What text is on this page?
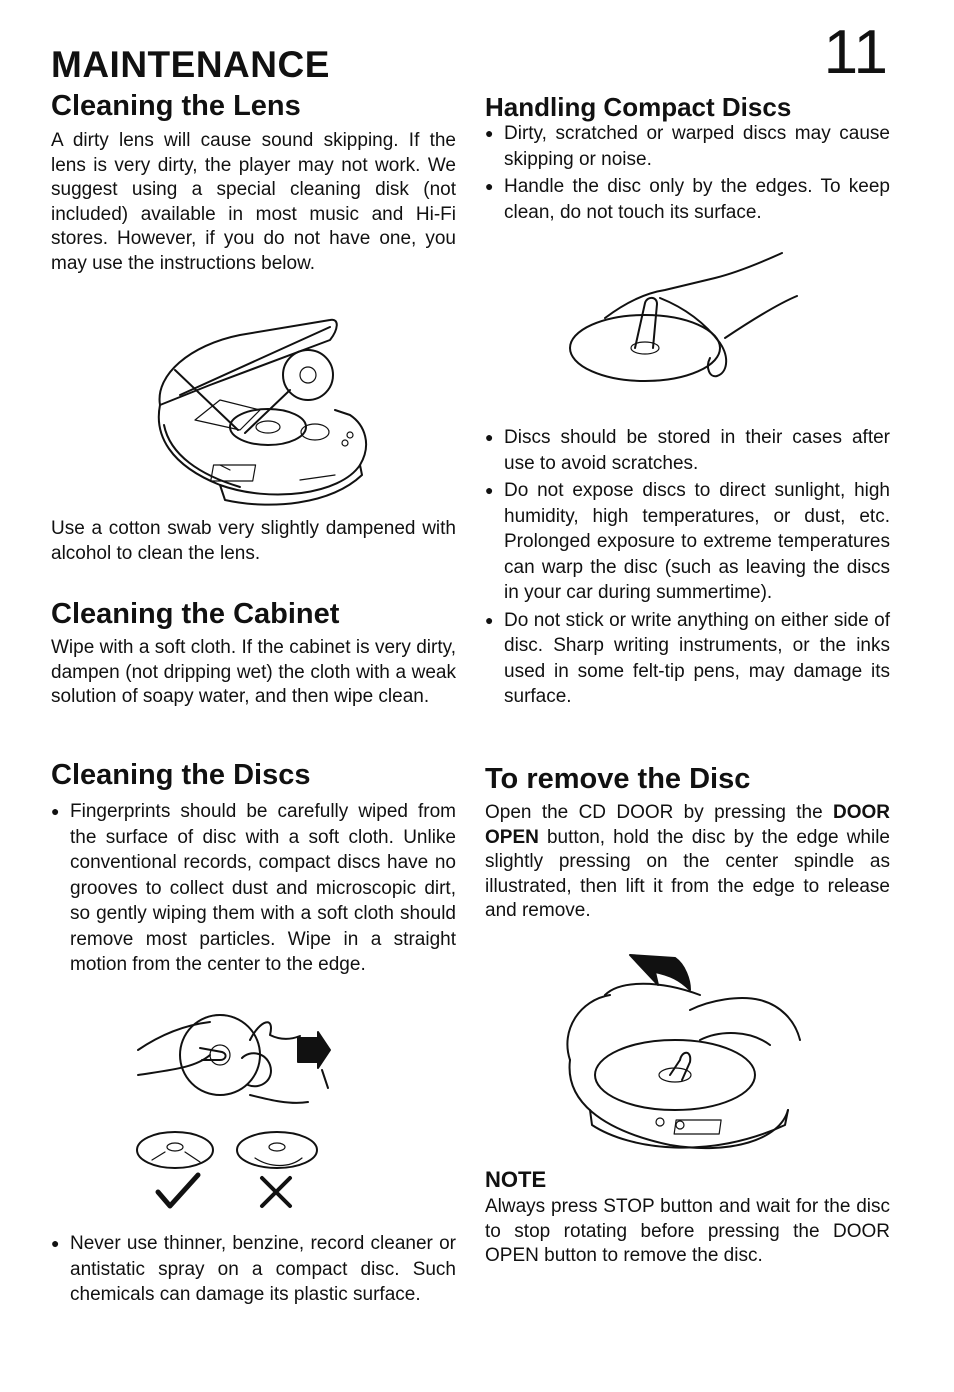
11
MAINTENANCE
Cleaning the Lens

A dirty lens will cause sound skipping. If the lens is very dirty, the player may not work. We suggest using a special cleaning disk (not included) available in most music and Hi-Fi stores. However, if you do not have one, you may use the instructions below.

Use a cotton swab very slightly dampened with alcohol to clean the lens.

Cleaning the Cabinet

Wipe with a soft cloth. If the cabinet is very dirty, dampen (not dripping wet) the cloth with a weak solution of soapy water, and then wipe clean.

Cleaning the Discs
● Fingerprints should be carefully wiped from the surface of disc with a soft cloth. Unlike conventional records, compact discs have no grooves to collect dust and microscopic dirt, so gently wiping them with a soft cloth should remove most particles. Wipe in a straight motion from the center to the edge.
● Never use thinner, benzine, record cleaner or antistatic spray on a compact disc. Such chemicals can damage its plastic surface.
Handling Compact Discs
● Dirty, scratched or warped discs may cause skipping or noise.
● Handle the disc only by the edges. To keep clean, do not touch its surface.
● Discs should be stored in their cases after use to avoid scratches.
● Do not expose discs to direct sunlight, high humidity, high temperatures, or dust, etc. Prolonged exposure to extreme temperatures can warp the disc (such as leaving the discs in your car during summertime).
● Do not stick or write anything on either side of disc. Sharp writing instruments, or the inks used in some felt-tip pens, may damage its surface.
To remove the Disc

Open the CD DOOR by pressing the DOOR OPEN button, hold the disc by the edge while slightly pressing on the center spindle as illustrated, then lift it from the edge to release and remove.

NOTE

Always press STOP button and wait for the disc to stop rotating before pressing the DOOR OPEN button to remove the disc.
